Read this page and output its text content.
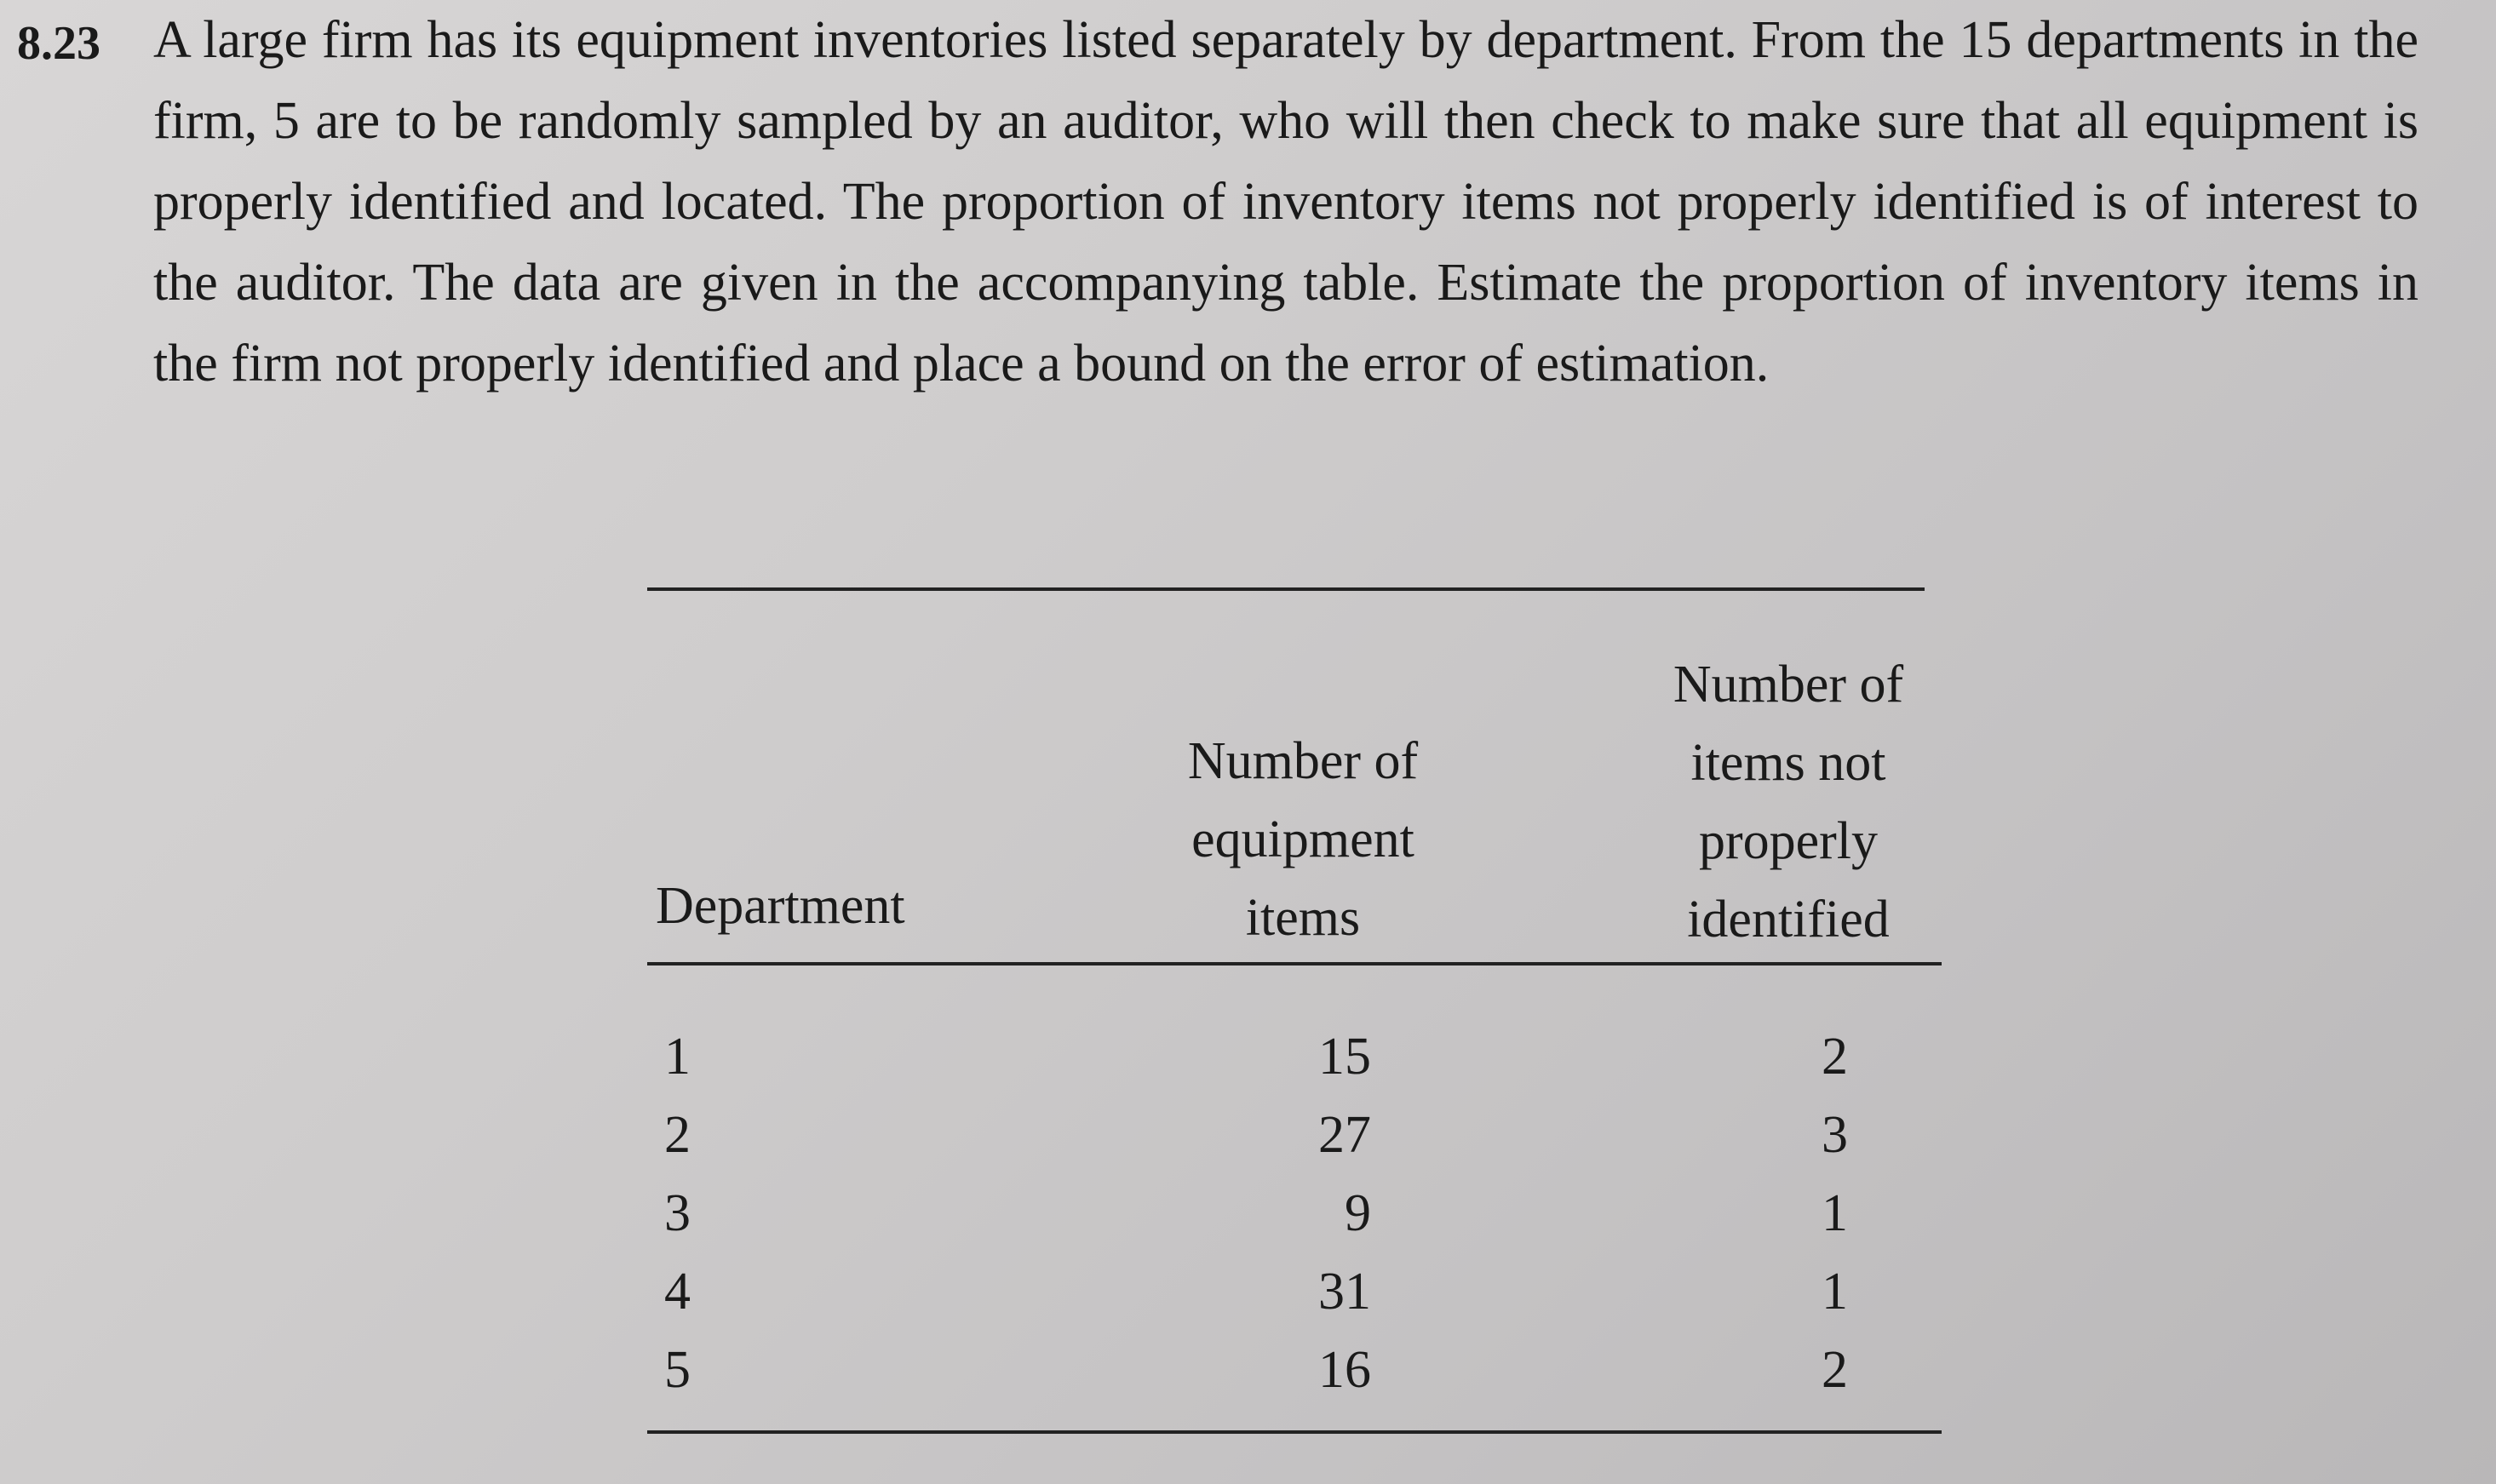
8.23 A large firm has its equipment inventories listed separately by department. From the 15 departments in the firm, 5 are to be randomly sampled by an auditor, who will then check to make sure that all equipment is properly identified and located. The proportion of inventory items not properly identified is of interest to the auditor. The data are given in the accompanying table. Estimate the proportion of inventory items in the firm not properly identified and place a bound on the error of estimation.
Department
Number of
equipment
items
Number of
items not
properly
identified
1
2
3
4
5
15
27
9
31
16
2
3
1
1
2
